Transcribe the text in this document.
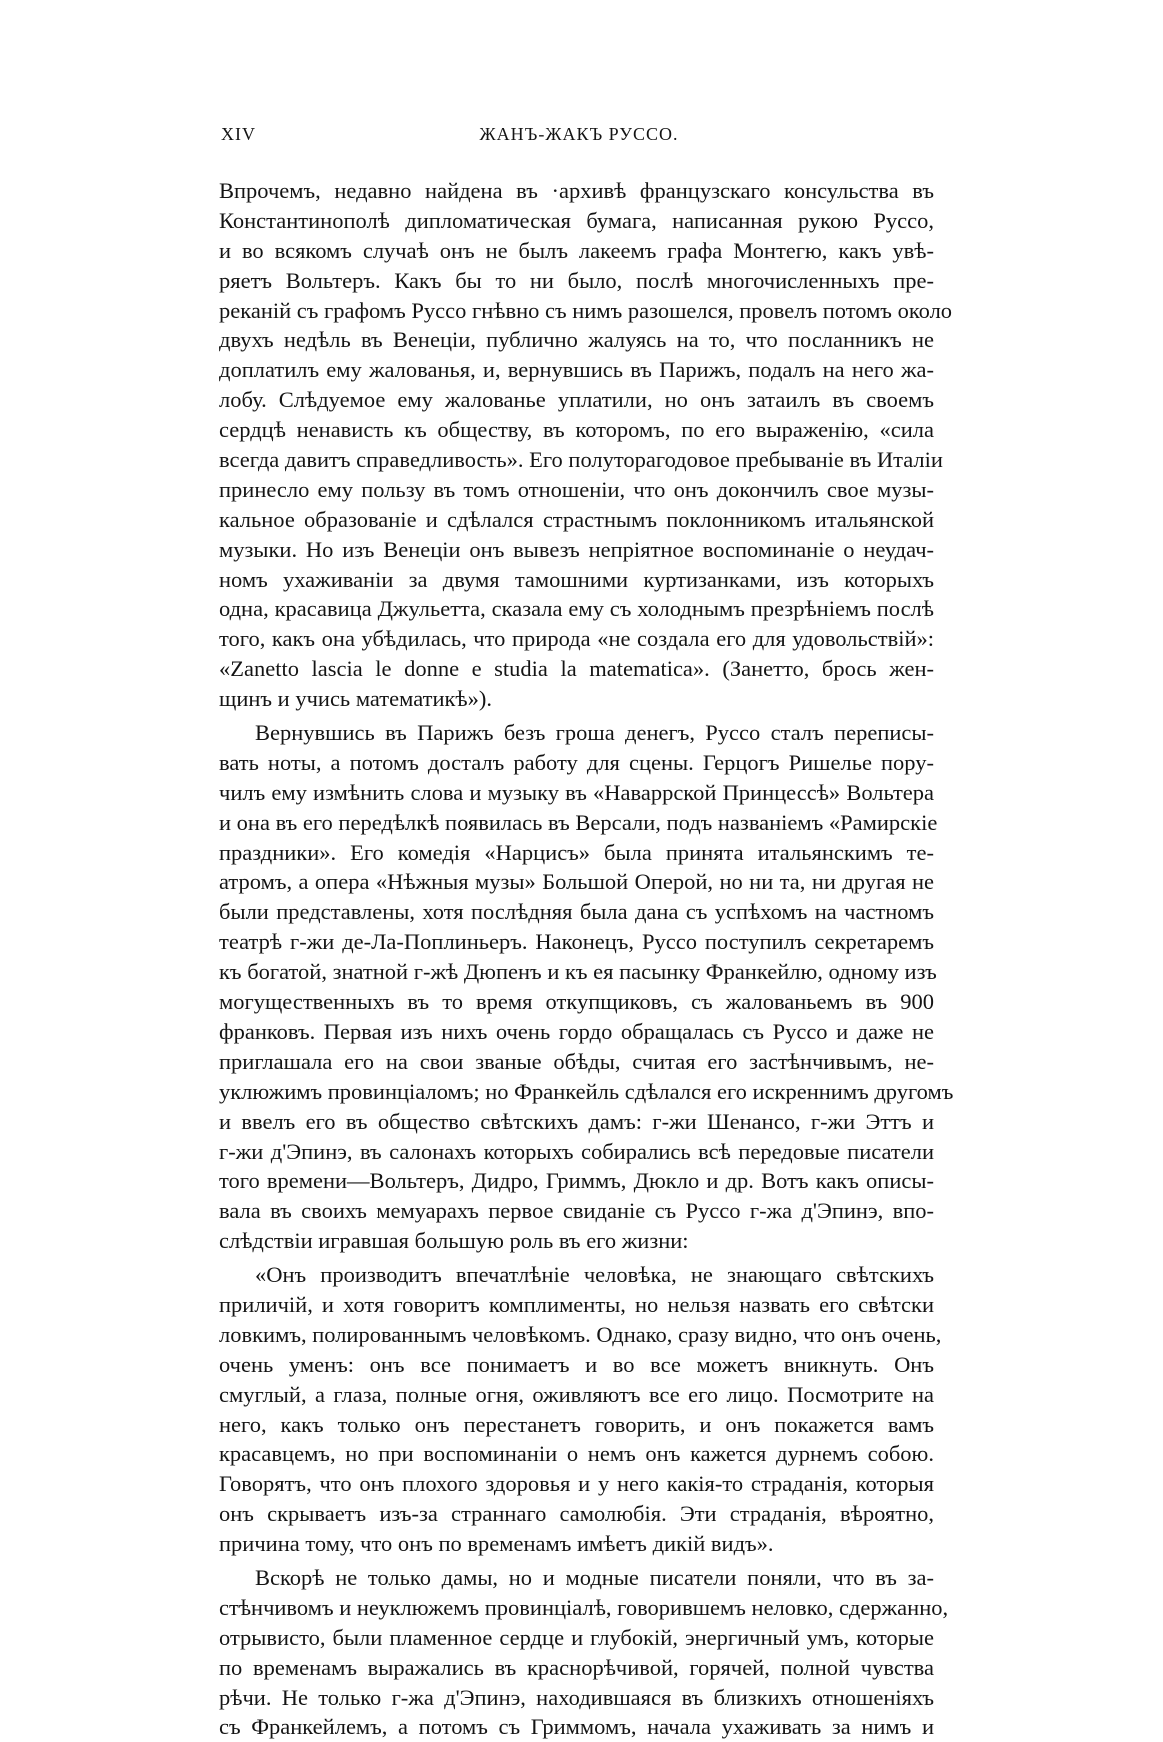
XIV	ЖАНЪ-ЖАКЪ РУССО.
Впрочемъ, недавно найдена въ ·архивѣ французскаго консульства въ
Константинополѣ дипломатическая бумага, написанная рукою Руссо,
и во всякомъ случаѣ онъ не былъ лакеемъ графа Монтегю, какъ увѣ-
ряетъ Вольтеръ. Какъ бы то ни было, послѣ многочисленныхъ пре-
реканій съ графомъ Руссо гнѣвно съ нимъ разошелся, провелъ потомъ около
двухъ недѣль въ Венеціи, публично жалуясь на то, что посланникъ не
доплатилъ ему жалованья, и, вернувшись въ Парижъ, подалъ на него жа-
лобу. Слѣдуемое ему жалованье уплатили, но онъ затаилъ въ своемъ
сердцѣ ненависть къ обществу, въ которомъ, по его выраженію, «сила
всегда давитъ справедливость». Его полуторагодовое пребываніе въ Италіи
принесло ему пользу въ томъ отношеніи, что онъ докончилъ свое музы-
кальное образованіе и сдѣлался страстнымъ поклонникомъ итальянской
музыки. Но изъ Венеціи онъ вывезъ непріятное воспоминаніе о неудач-
номъ ухаживаніи за двумя тамошними куртизанками, изъ которыхъ
одна, красавица Джульетта, сказала ему съ холоднымъ презрѣніемъ послѣ
того, какъ она убѣдилась, что природа «не создала его для удовольствій»:
«Zanetto lascia le donne e studia la matematica». (Занетто, брось жен-
щинъ и учись математикѣ»).
Вернувшись въ Парижъ безъ гроша денегъ, Руссо сталъ переписы-
вать ноты, а потомъ досталъ работу для сцены. Герцогъ Ришелье пору-
чилъ ему измѣнить слова и музыку въ «Наваррской Принцессѣ» Вольтера
и она въ его передѣлкѣ появилась въ Версали, подъ названіемъ «Рамирскіе
праздники». Его комедія «Нарцисъ» была принята итальянскимъ те-
атромъ, а опера «Нѣжныя музы» Большой Оперой, но ни та, ни другая не
были представлены, хотя послѣдняя была дана съ успѣхомъ на частномъ
театрѣ г-жи де-Ла-Поплиньеръ. Наконецъ, Руссо поступилъ секретаремъ
къ богатой, знатной г-жѣ Дюпенъ и къ ея пасынку Франкейлю, одному изъ
могущественныхъ въ то время откупщиковъ, съ жалованьемъ въ 900
франковъ. Первая изъ нихъ очень гордо обращалась съ Руссо и даже не
приглашала его на свои званые обѣды, считая его застѣнчивымъ, не-
уклюжимъ провинціаломъ; но Франкейль сдѣлался его искреннимъ другомъ
и ввелъ его въ общество свѣтскихъ дамъ: г-жи Шенансо, г-жи Эттъ и
г-жи д'Эпинэ, въ салонахъ которыхъ собирались всѣ передовые писатели
того времени—Вольтеръ, Дидро, Гриммъ, Дюкло и др. Вотъ какъ описы-
вала въ своихъ мемуарахъ первое свиданіе съ Руссо г-жа д'Эпинэ, впо-
слѣдствіи игравшая большую роль въ его жизни:
«Онъ производитъ впечатлѣніе человѣка, не знающаго свѣтскихъ
приличій, и хотя говоритъ комплименты, но нельзя назвать его свѣтски
ловкимъ, полированнымъ человѣкомъ. Однако, сразу видно, что онъ очень,
очень уменъ: онъ все понимаетъ и во все можетъ вникнуть. Онъ
смуглый, а глаза, полные огня, оживляютъ все его лицо. Посмотрите на
него, какъ только онъ перестанетъ говорить, и онъ покажется вамъ
красавцемъ, но при воспоминаніи о немъ онъ кажется дурнемъ собою.
Говорятъ, что онъ плохого здоровья и у него какія-то страданія, которыя
онъ скрываетъ изъ-за страннаго самолюбія. Эти страданія, вѣроятно,
причина тому, что онъ по временамъ имѣетъ дикій видъ».
Вскорѣ не только дамы, но и модные писатели поняли, что въ за-
стѣнчивомъ и неуклюжемъ провинціалѣ, говорившемъ неловко, сдержанно,
отрывисто, были пламенное сердце и глубокій, энергичный умъ, которые
по временамъ выражались въ краснорѣчивой, горячей, полной чувства
рѣчи. Не только г-жа д'Эпинэ, находившаяся въ близкихъ отношеніяхъ
съ Франкейлемъ, а потомъ съ Гриммомъ, начала ухаживать за нимъ и
